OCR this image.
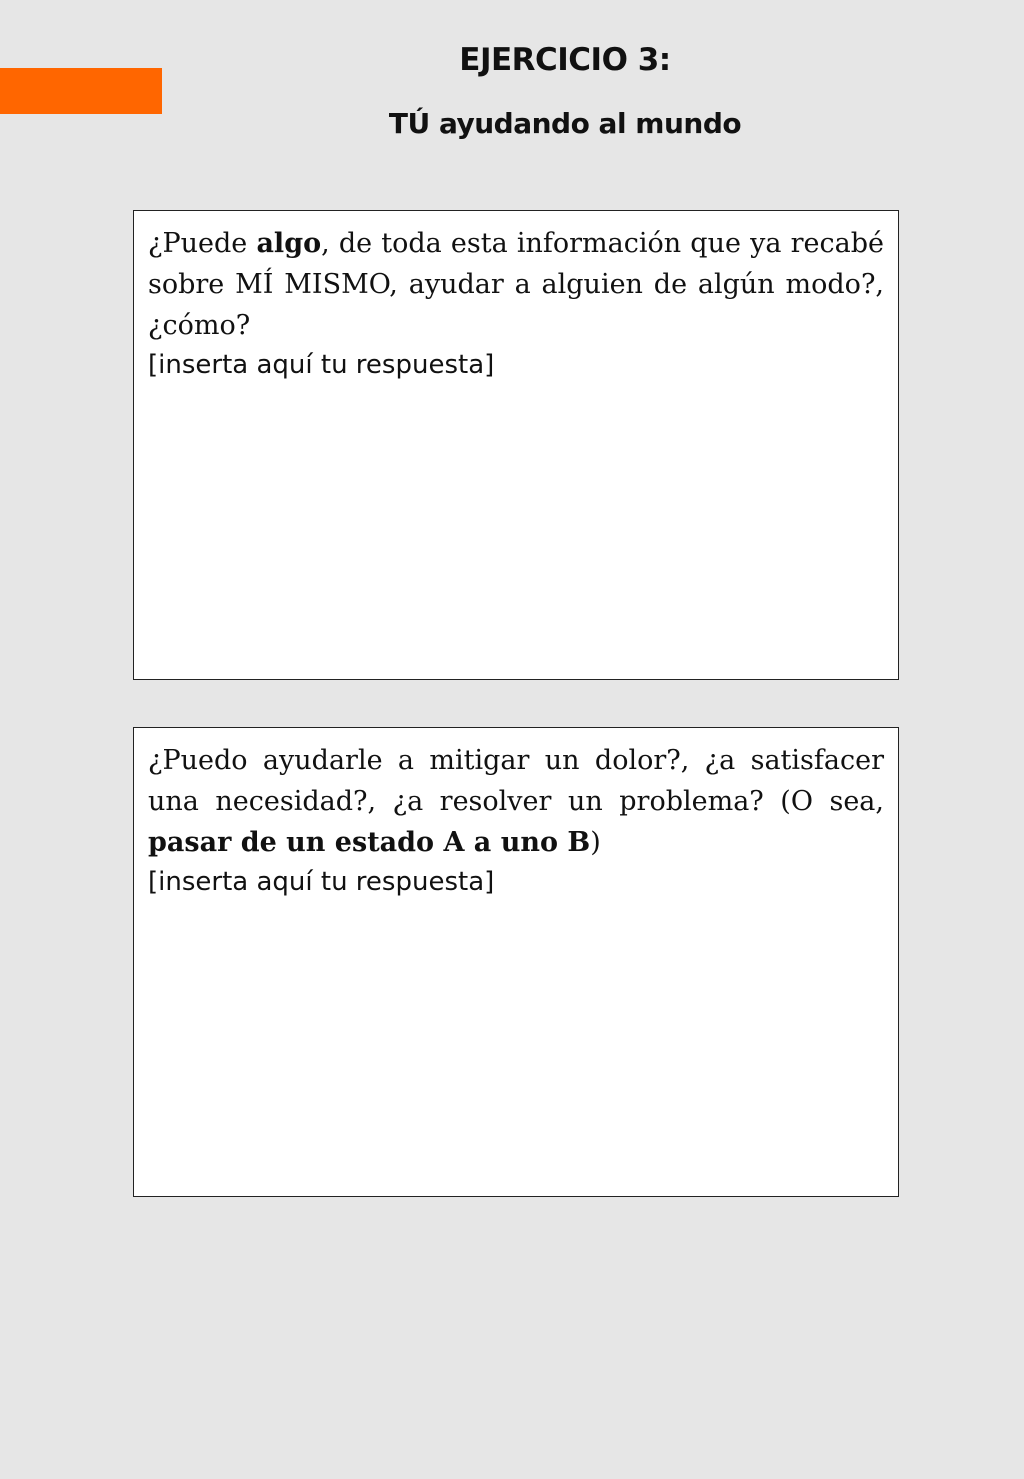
EJERCICIO 3:
TÚ ayudando al mundo

¿Puede algo, de toda esta información que ya recabé sobre MÍ MISMO, ayudar a alguien de algún modo?, ¿cómo?

[inserta aquí tu respuesta]

¿Puedo ayudarle a mitigar un dolor?, ¿a satisfacer una necesidad?, ¿a resolver un problema? (O sea, pasar de un estado A a uno B)

[inserta aquí tu respuesta]
